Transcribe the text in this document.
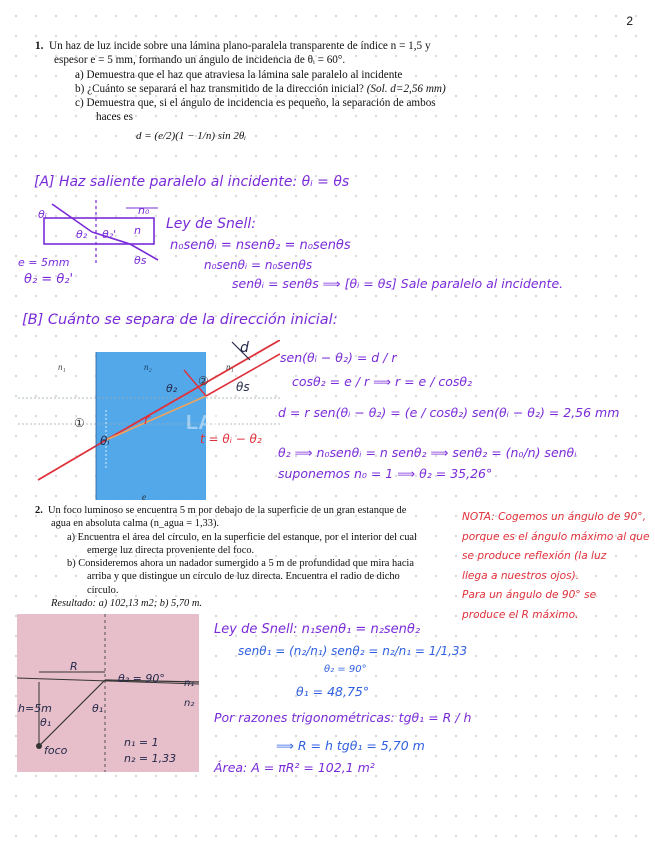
2
1. Un haz de luz incide sobre una lámina plano-paralela transparente de índice n = 1,5 y
espesor e = 5 mm, formando un ángulo de incidencia de θᵢ = 60°.
a) Demuestra que el haz que atraviesa la lámina sale paralelo al incidente
b) ¿Cuánto se separará el haz transmitido de la dirección inicial? (Sol. d=2,56 mm)
c) Demuestra que, si el ángulo de incidencia es pequeño, la separación de ambos
haces es
d = (e/2)(1 − 1/n) sin 2θᵢ
[A] Haz saliente paralelo al incidente: θᵢ = θs
θᵢ	n₀
n
θ₂ θ₂'
θs
e = 5mm
θ₂ = θ₂'
Ley de Snell:
n₀senθᵢ = nsenθ₂ = n₀senθs
n₀senθᵢ = n₀senθs
senθᵢ = senθs ⟹ [θᵢ = θs] Sale paralelo al incidente.
[B] Cuánto se separa de la dirección inicial:
n₁	n₂	n₁
①
②
d
r
θ₂	θs
θᵢ	t = θᵢ − θ₂
e
LAB
sen(θᵢ − θ₂) = d / r
cosθ₂ = e / r ⟹ r = e / cosθ₂
d = r sen(θᵢ − θ₂) = (e / cosθ₂) sen(θᵢ − θ₂) = 2,56 mm
θ₂ ⟹ n₀senθᵢ = n senθ₂ ⟹ senθ₂ = (n₀/n) senθᵢ
suponemos n₀ = 1 ⟹ θ₂ = 35,26°
2. Un foco luminoso se encuentra 5 m por debajo de la superficie de un gran estanque de
agua en absoluta calma (n_agua = 1,33).
a) Encuentra el área del círculo, en la superficie del estanque, por el interior del cual
emerge luz directa proveniente del foco.
b) Consideremos ahora un nadador sumergido a 5 m de profundidad que mira hacia
arriba y que distingue un círculo de luz directa. Encuentra el radio de dicho
círculo.
Resultado: a) 102,13 m2; b) 5,70 m.
NOTA: Cogemos un ángulo de 90°,
porque es el ángulo máximo al que
se produce reflexión (la luz
llega a nuestros ojos).
Para un ángulo de 90° se
produce el R máximo.
R
θ₂ = 90° n₁
n₂
h=5m	θ₁
θ₁
foco
n₁ = 1
n₂ = 1,33
Ley de Snell: n₁senθ₁ = n₂senθ₂
senθ₁ = (n₂/n₁) senθ₂ = n₂/n₁ = 1/1,33
θ₂ = 90°
θ₁ = 48,75°
Por razones trigonométricas: tgθ₁ = R / h
⟹ R = h tgθ₁ = 5,70 m
Área: A = πR² = 102,1 m²
